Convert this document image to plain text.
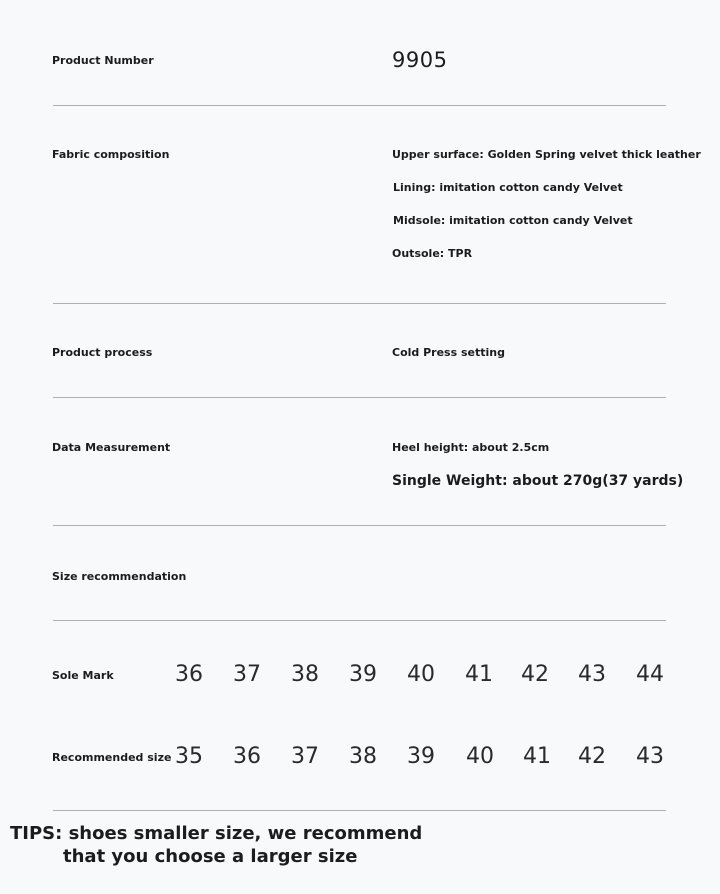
Product Number	9905
Fabric composition	Upper surface: Golden Spring velvet thick leather
Lining: imitation cotton candy Velvet
Midsole: imitation cotton candy Velvet
Outsole: TPR
Product process	Cold Press setting
Data Measurement	Heel height: about 2.5cm
Single Weight: about 270g(37 yards)
Size recommendation
Sole Mark	36 37 38 39 40 41 42 43 44
Recommended size 35 36 37 38 39 40 41 42 43
TIPS: shoes smaller size, we recommend
that you choose a larger size
